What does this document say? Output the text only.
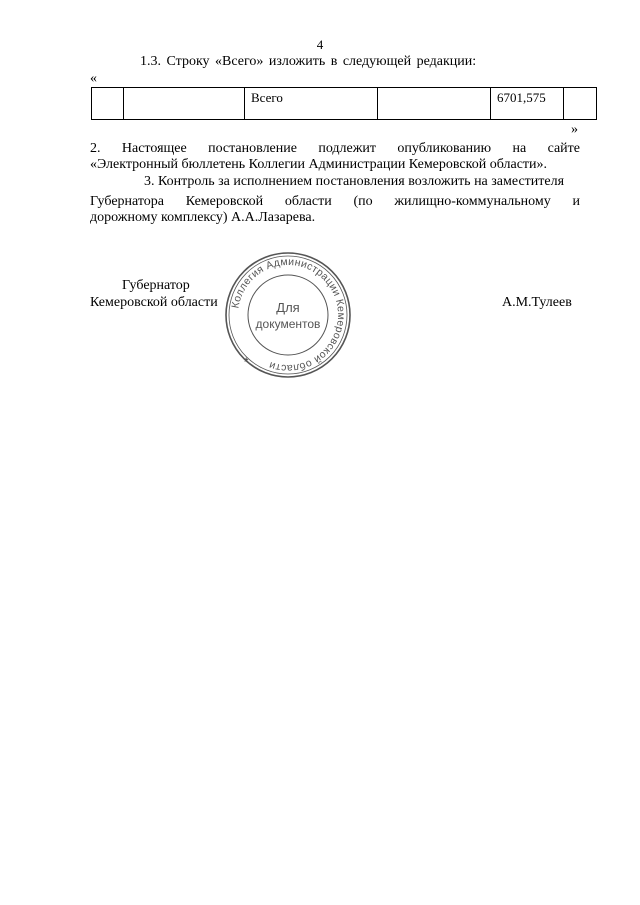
4
1.3. Строку «Всего» изложить в следующей редакции:
«
		Всего		6701,575	
»
2. Настоящее постановление подлежит опубликованию на сайте
«Электронный бюллетень Коллегии Администрации Кемеровской области».
3. Контроль за исполнением постановления возложить на заместителя
Губернатора Кемеровской области (по жилищно-коммунальному и
дорожному комплексу) А.А.Лазарева.
Губернатор
Кемеровской области	А.М.Тулеев
Коллегия Администрации Кемеровской области
Для
документов
★
